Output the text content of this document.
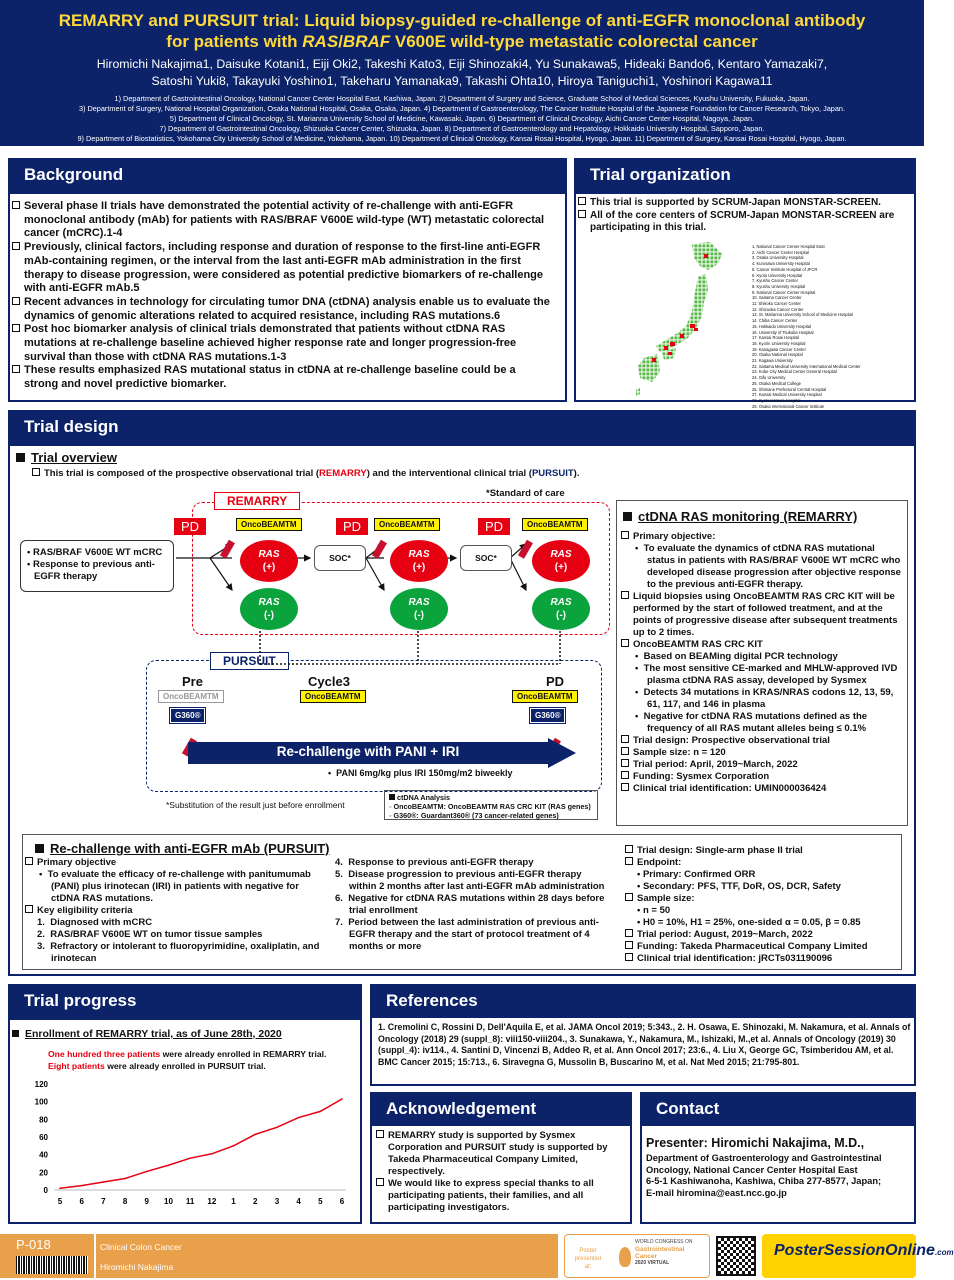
REMARRY and PURSUIT trial: Liquid biopsy-guided re-challenge of anti-EGFR monoclonal antibody
for patients with RAS/BRAF V600E wild-type metastatic colorectal cancer
Hiromichi Nakajima1, Daisuke Kotani1, Eiji Oki2, Takeshi Kato3, Eiji Shinozaki4, Yu Sunakawa5, Hideaki Bando6, Kentaro Yamazaki7,
Satoshi Yuki8, Takayuki Yoshino1, Takeharu Yamanaka9, Takashi Ohta10, Hiroya Taniguchi1, Yoshinori Kagawa11
1) Department of Gastrointestinal Oncology, National Cancer Center Hospital East, Kashiwa, Japan. 2) Department of Surgery and Science, Graduate School of Medical Sciences, Kyushu University, Fukuoka, Japan.
3) Department of Surgery, National Hospital Organization, Osaka National Hospital, Osaka, Osaka, Japan. 4) Department of Gastroenterology, The Cancer Institute Hospital of the Japanese Foundation for Cancer Research, Tokyo, Japan.
5) Department of Clinical Oncology, St. Marianna University School of Medicine, Kawasaki, Japan. 6) Department of Clinical Oncology, Aichi Cancer Center Hospital, Nagoya, Japan.
7) Department of Gastrointestinal Oncology, Shizuoka Cancer Center, Shizuoka, Japan. 8) Department of Gastroenterology and Hepatology, Hokkaido University Hospital, Sapporo, Japan.
9) Department of Biostatistics, Yokohama City University School of Medicine, Yokohama, Japan. 10) Department of Clinical Oncology, Kansai Rosai Hospital, Hyogo, Japan. 11) Department of Surgery, Kansai Rosai Hospital, Hyogo, Japan.
Background

Several phase II trials have demonstrated the potential activity of re-challenge with anti-EGFR monoclonal antibody (mAb) for patients with RAS/BRAF V600E wild-type (WT) metastatic colorectal cancer (mCRC).1-4

Previously, clinical factors, including response and duration of response to the first-line anti-EGFR mAb-containing regimen, or the interval from the last anti-EGFR mAb administration in the first therapy to disease progression, were considered as potential predictive biomarkers of re-challenge with anti-EGFR mAb.5

Recent advances in technology for circulating tumor DNA (ctDNA) analysis enable us to evaluate the dynamics of genomic alterations related to acquired resistance, including RAS mutations.6

Post hoc biomarker analysis of clinical trials demonstrated that patients without ctDNA RAS mutations at re-challenge baseline achieved higher response rate and longer progression-free survival than those with ctDNA RAS mutations.1-3

These results emphasized RAS mutational status in ctDNA at re-challenge baseline could be a strong and novel predictive biomarker.

Trial organization

This trial is supported by SCRUM-Japan MONSTAR-SCREEN.

All of the core centers of SCRUM-Japan MONSTAR-SCREEN are participating in this trial.

1. National Cancer Center Hospital East
2. Aichi Cancer Center Hospital
3. Osaka University Hospital
4. Kurosawa University Hospital
5. Cancer Institute Hospital of JFCR
6. Kyoto University Hospital
7. Kyushu Cancer Center
8. Kyushu University Hospital
9. National Cancer Center Hospital
10. Saitama Cancer Center
11. Shikoku Cancer Center
12. Shizuoka Cancer Center
13. St. Marianna University School of Medicine Hospital
14. Chiba Cancer Center
15. Hokkaido University Hospital
16. University of Tsukuba Hospital
17. Kansai Rosai Hospital
18. Kyorin University Hospital
19. Kanagawa Cancer Center
20. Osaka National Hospital
21. Kagawa University
22. Saitama Medical University International Medical Center
23. Kobe City Medical Center General Hospital
24. Gifu University
25. Osaka Medical College
26. Shimane Prefectural Central Hospital
27. Kansai Medical University Hospital
28. Kyoto Katsura Hospital
29. Osaka International Cancer Institute
Trial design
Trial overview

This trial is composed of the prospective observational trial (REMARRY) and the interventional clinical trial (PURSUIT).

*Standard of care
REMARRY
PURSUIT
PD	OncoBEAMTM	PD	OncoBEAMTM	PD	OncoBEAMTM
• RAS/BRAF V600E WT mCRC
• Response to previous anti-EGFR therapy
RAS
(+)
RAS
(-)
SOC*	RAS
(+)
RAS
(-)
SOC*	RAS
(+)
RAS
(-)
Pre
OncoBEAMTM
G360®
Cycle3
OncoBEAMTM
PD
OncoBEAMTM
G360®
Re-challenge with PANI + IRI
•  PANI 6mg/kg plus IRI 150mg/m2 biweekly
*Substitution of the result just before enrollment
ctDNA Analysis
◦ OncoBEAMTM: OncoBEAMTM RAS CRC KIT (RAS genes)
◦ G360®: Guardant360® (73 cancer-related genes)
ctDNA RAS monitoring (REMARRY)

Primary objective:

•  To evaluate the dynamics of ctDNA RAS mutational status in patients with RAS/BRAF V600E WT mCRC who developed disease progression after objective response to the previous anti-EGFR therapy.

Liquid biopsies using OncoBEAMTM RAS CRC KIT will be performed by the start of followed treatment, and at the points of progressive disease after subsequent treatments up to 2 times.

OncoBEAMTM RAS CRC KIT

•  Based on BEAMing digital PCR technology

•  The most sensitive CE-marked and MHLW-approved IVD plasma ctDNA RAS assay, developed by Sysmex

•  Detects 34 mutations in KRAS/NRAS codons 12, 13, 59, 61, 117, and 146 in plasma

•  Negative for ctDNA RAS mutations defined as the frequency of all RAS mutant alleles being ≤ 0.1%

Trial design: Prospective observational trial

Sample size: n = 120

Trial period: April, 2019~March, 2022

Funding: Sysmex Corporation

Clinical trial identification: UMIN000036424

Re-challenge with anti-EGFR mAb (PURSUIT)

Primary objective

•  To evaluate the efficacy of re-challenge with panitumumab (PANI) plus irinotecan (IRI) in patients with negative for ctDNA RAS mutations.

Key eligibility criteria

1.  Diagnosed with mCRC

2.  RAS/BRAF V600E WT on tumor tissue samples

3.  Refractory or intolerant to fluoropyrimidine, oxaliplatin, and irinotecan

4.  Response to previous anti-EGFR therapy

5.  Disease progression to previous anti-EGFR therapy within 2 months after last anti-EGFR mAb administration

6.  Negative for ctDNA RAS mutations within 28 days before trial enrollment

7.  Period between the last administration of previous anti-EGFR therapy and the start of protocol treatment of 4 months or more

Trial design: Single-arm phase II trial

Endpoint:

• Primary: Confirmed ORR

• Secondary: PFS, TTF, DoR, OS, DCR, Safety

Sample size:

• n = 50

• H0 = 10%, H1 = 25%, one-sided α = 0.05, β = 0.85

Trial period: August, 2019~March, 2022

Funding: Takeda Pharmaceutical Company Limited

Clinical trial identification: jRCTs031190096

Trial progress
Enrollment of REMARRY trial, as of June 28th, 2020
One hundred three patients were already enrolled in REMARRY trial.
Eight patients were already enrolled in PURSUIT trial.
0
20
40
60
80
100
120
5 6 7 8 9 10 11 12 1 2 3 4 5 6
References
1. Cremolini C, Rossini D, Dell'Aquila E, et al. JAMA Oncol 2019; 5:343., 2. H. Osawa, E. Shinozaki, M. Nakamura, et al. Annals of Oncology (2018) 29 (suppl_8): viii150-viii204., 3. Sunakawa, Y., Nakamura, M., Ishizaki, M.,et al. Annals of Oncology (2019) 30 (suppl_4): iv114., 4. Santini D, Vincenzi B, Addeo R, et al. Ann Oncol 2017; 23:6., 4. Liu X, George GC, Tsimberidou AM, et al. BMC Cancer 2015; 15:713., 6. Siravegna G, Mussolin B, Buscarino M, et al. Nat Med 2015; 21:795-801.
Acknowledgement

REMARRY study is supported by Sysmex Corporation and PURSUIT study is supported by Takeda Pharmaceutical Company Limited, respectively.

We would like to express special thanks to all participating patients, their families, and all participating investigators.

Contact
Presenter: Hiromichi Nakajima, M.D.,
Department of Gastroenterology and Gastrointestinal Oncology, National Cancer Center Hospital East
6-5-1 Kashiwanoha, Kashiwa, Chiba 277-8577, Japan;
E-mail hiromina@east.ncc.go.jp
P-018	Clinical Colon Cancer
Hiromichi Nakajima
Poster presented at:
WORLD CONGRESS ON
Gastrointestinal
Cancer
2020 VIRTUAL
PosterSessionOnline.com
